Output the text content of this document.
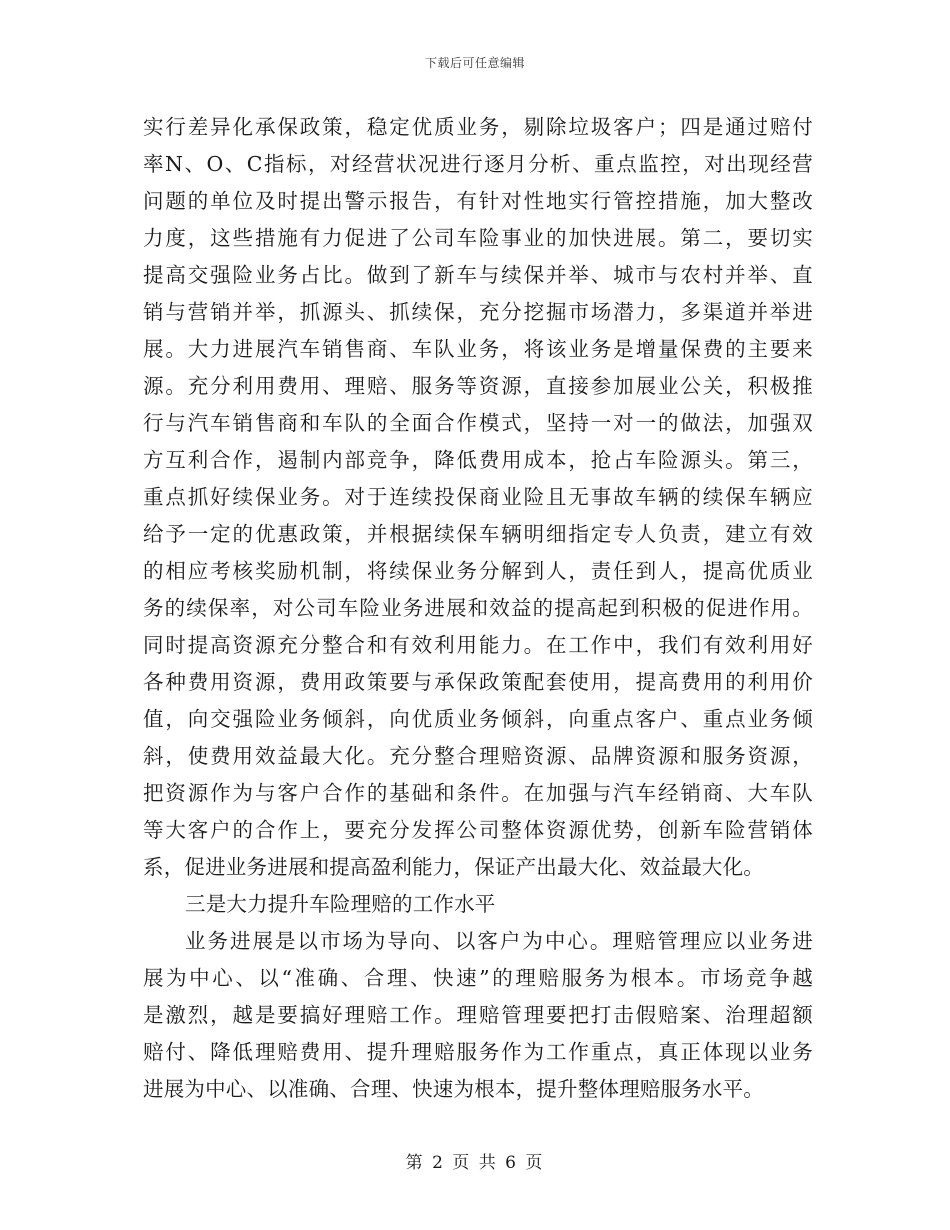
下载后可任意编辑
实行差异化承保政策，稳定优质业务，剔除垃圾客户；四是通过赔付
率N、O、C指标，对经营状况进行逐月分析、重点监控，对出现经营
问题的单位及时提出警示报告，有针对性地实行管控措施，加大整改
力度，这些措施有力促进了公司车险事业的加快进展。第二，要切实
提高交强险业务占比。做到了新车与续保并举、城市与农村并举、直
销与营销并举，抓源头、抓续保，充分挖掘市场潜力，多渠道并举进
展。大力进展汽车销售商、车队业务，将该业务是增量保费的主要来
源。充分利用费用、理赔、服务等资源，直接参加展业公关，积极推
行与汽车销售商和车队的全面合作模式，坚持一对一的做法，加强双
方互利合作，遏制内部竞争，降低费用成本，抢占车险源头。第三，
重点抓好续保业务。对于连续投保商业险且无事故车辆的续保车辆应
给予一定的优惠政策，并根据续保车辆明细指定专人负责，建立有效
的相应考核奖励机制，将续保业务分解到人，责任到人，提高优质业
务的续保率，对公司车险业务进展和效益的提高起到积极的促进作用。
同时提高资源充分整合和有效利用能力。在工作中，我们有效利用好
各种费用资源，费用政策要与承保政策配套使用，提高费用的利用价
值，向交强险业务倾斜，向优质业务倾斜，向重点客户、重点业务倾
斜，使费用效益最大化。充分整合理赔资源、品牌资源和服务资源，
把资源作为与客户合作的基础和条件。在加强与汽车经销商、大车队
等大客户的合作上，要充分发挥公司整体资源优势，创新车险营销体
系，促进业务进展和提高盈利能力，保证产出最大化、效益最大化。
三是大力提升车险理赔的工作水平
业务进展是以市场为导向、以客户为中心。理赔管理应以业务进
展为中心、以“准确、合理、快速”的理赔服务为根本。市场竞争越
是激烈，越是要搞好理赔工作。理赔管理要把打击假赔案、治理超额
赔付、降低理赔费用、提升理赔服务作为工作重点，真正体现以业务
进展为中心、以准确、合理、快速为根本，提升整体理赔服务水平。
第 2 页 共 6 页
